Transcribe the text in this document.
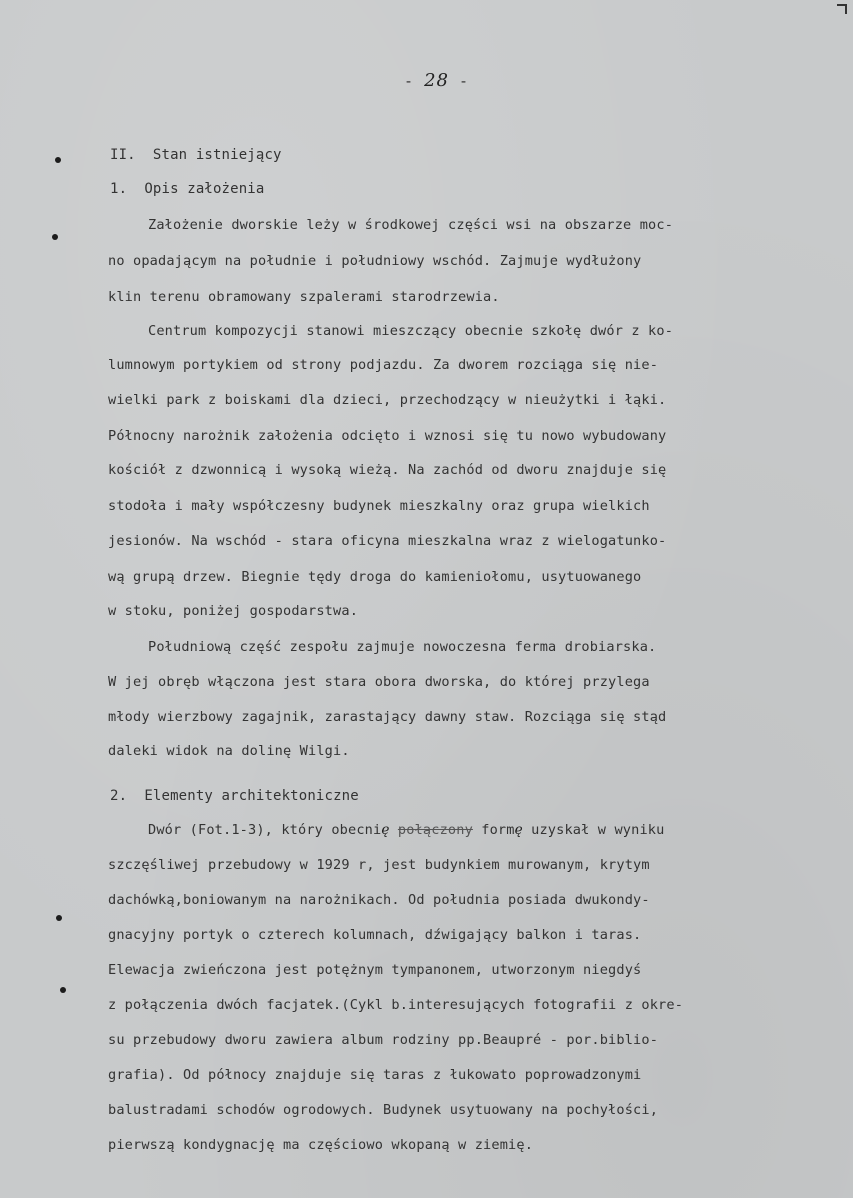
- 28 -
II. Stan istniejący
1. Opis założenia
Założenie dworskie leży w środkowej części wsi na obszarze moc-
no opadającym na południe i południowy wschód. Zajmuje wydłużony
klin terenu obramowany szpalerami starodrzewia.
Centrum kompozycji stanowi mieszczący obecnie szkołę dwór z ko-
lumnowym portykiem od strony podjazdu. Za dworem rozciąga się nie-
wielki park z boiskami dla dzieci, przechodzący w nieużytki i łąki.
Północny narożnik założenia odcięto i wznosi się tu nowo wybudowany
kościół z dzwonnicą i wysoką wieżą. Na zachód od dworu znajduje się
stodoła i mały współczesny budynek mieszkalny oraz grupa wielkich
jesionów. Na wschód - stara oficyna mieszkalna wraz z wielogatunko-
wą grupą drzew. Biegnie tędy droga do kamieniołomu, usytuowanego
w stoku, poniżej gospodarstwa.
Południową część zespołu zajmuje nowoczesna ferma drobiarska.
W jej obręb włączona jest stara obora dworska, do której przylega
młody wierzbowy zagajnik, zarastający dawny staw. Rozciąga się stąd
daleki widok na dolinę Wilgi.
2. Elementy architektoniczne
Dwór (Fot.1-3), który obecnię połączony formę uzyskał w wyniku
szczęśliwej przebudowy w 1929 r, jest budynkiem murowanym, krytym
dachówką,boniowanym na narożnikach. Od południa posiada dwukondy-
gnacyjny portyk o czterech kolumnach, dźwigający balkon i taras.
Elewacja zwieńczona jest potężnym tympanonem, utworzonym niegdyś
z połączenia dwóch facjatek.(Cykl b.interesujących fotografii z okre-
su przebudowy dworu zawiera album rodziny pp.Beaupré - por.biblio-
grafia). Od północy znajduje się taras z łukowato poprowadzonymi
balustradami schodów ogrodowych. Budynek usytuowany na pochyłości,
pierwszą kondygnację ma częściowo wkopaną w ziemię.
